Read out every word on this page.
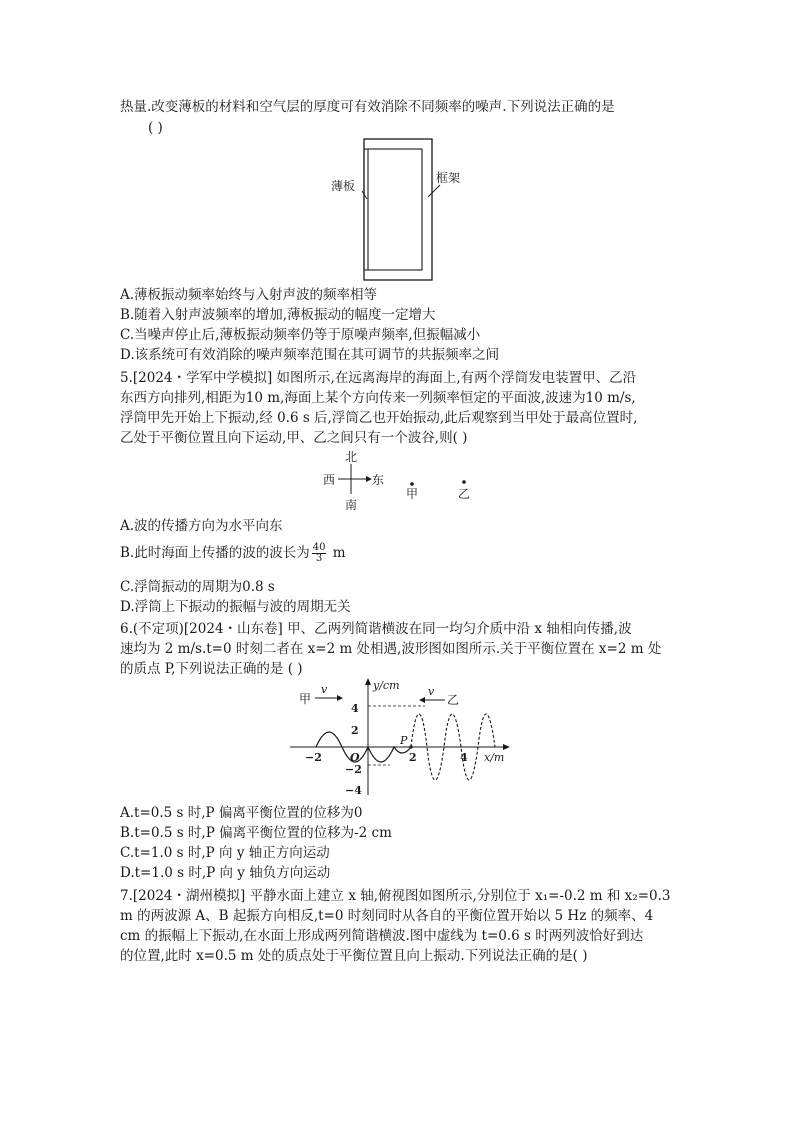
热量.改变薄板的材料和空气层的厚度可有效消除不同频率的噪声.下列说法正确的是
( )
薄板
框架
A.薄板振动频率始终与入射声波的频率相等
B.随着入射声波频率的增加,薄板振动的幅度一定增大
C.当噪声停止后,薄板振动频率仍等于原噪声频率,但振幅减小
D.该系统可有效消除的噪声频率范围在其可调节的共振频率之间
5.[2024・学军中学模拟] 如图所示,在远离海岸的海面上,有两个浮筒发电装置甲、乙沿
东西方向排列,相距为10 m,海面上某个方向传来一列频率恒定的平面波,波速为10 m/s,
浮筒甲先开始上下振动,经 0.6 s 后,浮筒乙也开始振动,此后观察到当甲处于最高位置时,
乙处于平衡位置且向下运动,甲、乙之间只有一个波谷,则( )
北
南
西	东
甲	乙
A.波的传播方向为水平向东
B.此时海面上传播的波的波长为 $\frac{40}{3}$ m
C.浮筒振动的周期为0.8 s
D.浮筒上下振动的振幅与波的周期无关
6.(不定项)[2024・山东卷] 甲、乙两列简谐横波在同一均匀介质中沿 x 轴相向传播,波
速均为 2 m/s.t=0 时刻二者在 x=2 m 处相遇,波形图如图所示.关于平衡位置在 x=2 m 处
的质点 P,下列说法正确的是 ( )
y/cm
x/m
O
−2	2	4
4
2
−2
−4
P
甲
v	v
乙
A.t=0.5 s 时,P 偏离平衡位置的位移为0
B.t=0.5 s 时,P 偏离平衡位置的位移为-2 cm
C.t=1.0 s 时,P 向 y 轴正方向运动
D.t=1.0 s 时,P 向 y 轴负方向运动
7.[2024・湖州模拟] 平静水面上建立 x 轴,俯视图如图所示,分别位于 x₁=-0.2 m 和 x₂=0.3
m 的两波源 A、B 起振方向相反,t=0 时刻同时从各自的平衡位置开始以 5 Hz 的频率、4
cm 的振幅上下振动,在水面上形成两列简谐横波.图中虚线为 t=0.6 s 时两列波恰好到达
的位置,此时 x=0.5 m 处的质点处于平衡位置且向上振动.下列说法正确的是( )
